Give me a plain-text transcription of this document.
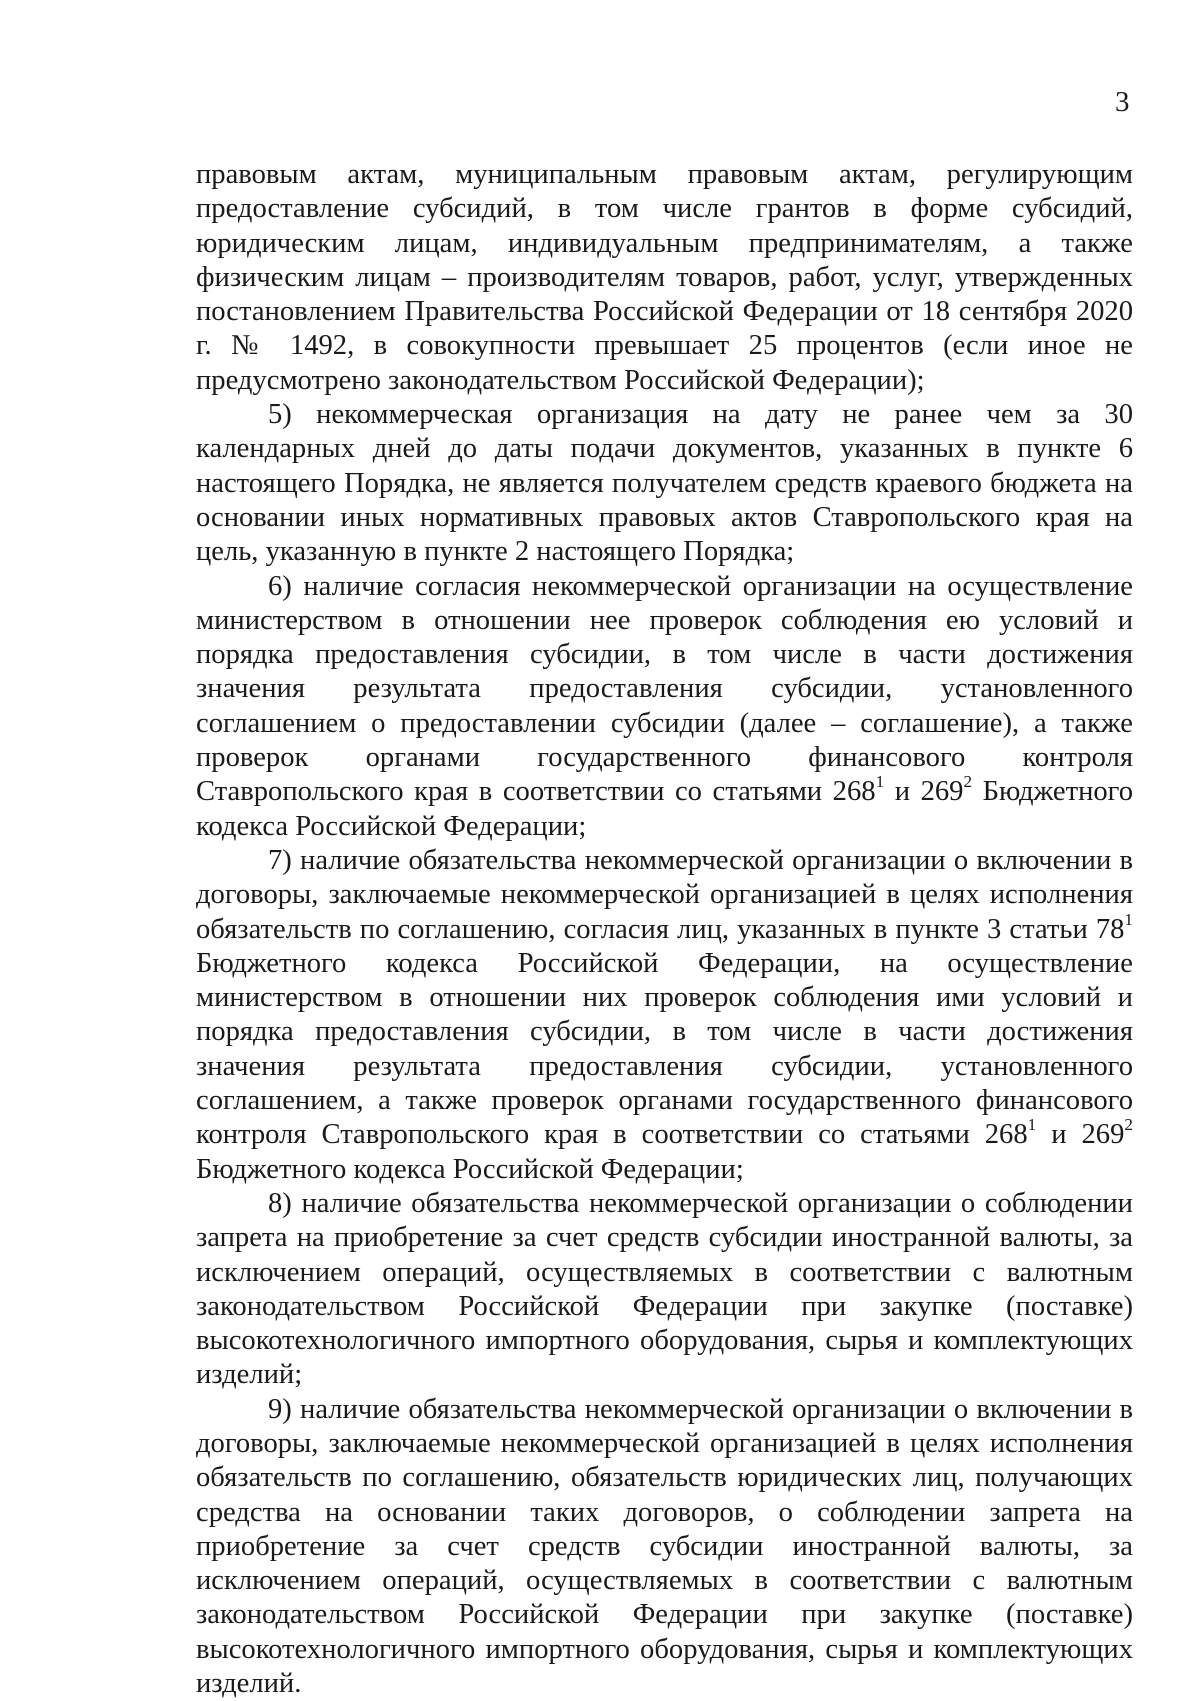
3

правовым актам, муниципальным правовым актам, регулирующим предоставление субсидий, в том числе грантов в форме субсидий, юридическим лицам, индивидуальным предпринимателям, а также физическим лицам – производителям товаров, работ, услуг, утвержденных постановлением Правительства Российской Федерации от 18 сентября 2020 г. № 1492, в совокупности превышает 25 процентов (если иное не предусмотрено законодательством Российской Федерации);

5) некоммерческая организация на дату не ранее чем за 30 календарных дней до даты подачи документов, указанных в пункте 6 настоящего Порядка, не является получателем средств краевого бюджета на основании иных нормативных правовых актов Ставропольского края на цель, указанную в пункте 2 настоящего Порядка;

6) наличие согласия некоммерческой организации на осуществление министерством в отношении нее проверок соблюдения ею условий и порядка предоставления субсидии, в том числе в части достижения значения результата предоставления субсидии, установленного соглашением о предоставлении субсидии (далее – соглашение), а также проверок органами государственного финансового контроля Ставропольского края в соответствии со статьями $268^1$ и $269^2$ Бюджетного кодекса Российской Федерации;

7) наличие обязательства некоммерческой организации о включении в договоры, заключаемые некоммерческой организацией в целях исполнения обязательств по соглашению, согласия лиц, указанных в пункте 3 статьи $78^1$ Бюджетного кодекса Российской Федерации, на осуществление министерством в отношении них проверок соблюдения ими условий и порядка предоставления субсидии, в том числе в части достижения значения результата предоставления субсидии, установленного соглашением, а также проверок органами государственного финансового контроля Ставропольского края в соответствии со статьями $268^1$ и $269^2$ Бюджетного кодекса Российской Федерации;

8) наличие обязательства некоммерческой организации о соблюдении запрета на приобретение за счет средств субсидии иностранной валюты, за исключением операций, осуществляемых в соответствии с валютным законодательством Российской Федерации при закупке (поставке) высокотехнологичного импортного оборудования, сырья и комплектующих изделий;

9) наличие обязательства некоммерческой организации о включении в договоры, заключаемые некоммерческой организацией в целях исполнения обязательств по соглашению, обязательств юридических лиц, получающих средства на основании таких договоров, о соблюдении запрета на приобретение за счет средств субсидии иностранной валюты, за исключением операций, осуществляемых в соответствии с валютным законодательством Российской Федерации при закупке (поставке) высокотехнологичного импортного оборудования, сырья и комплектующих изделий.
